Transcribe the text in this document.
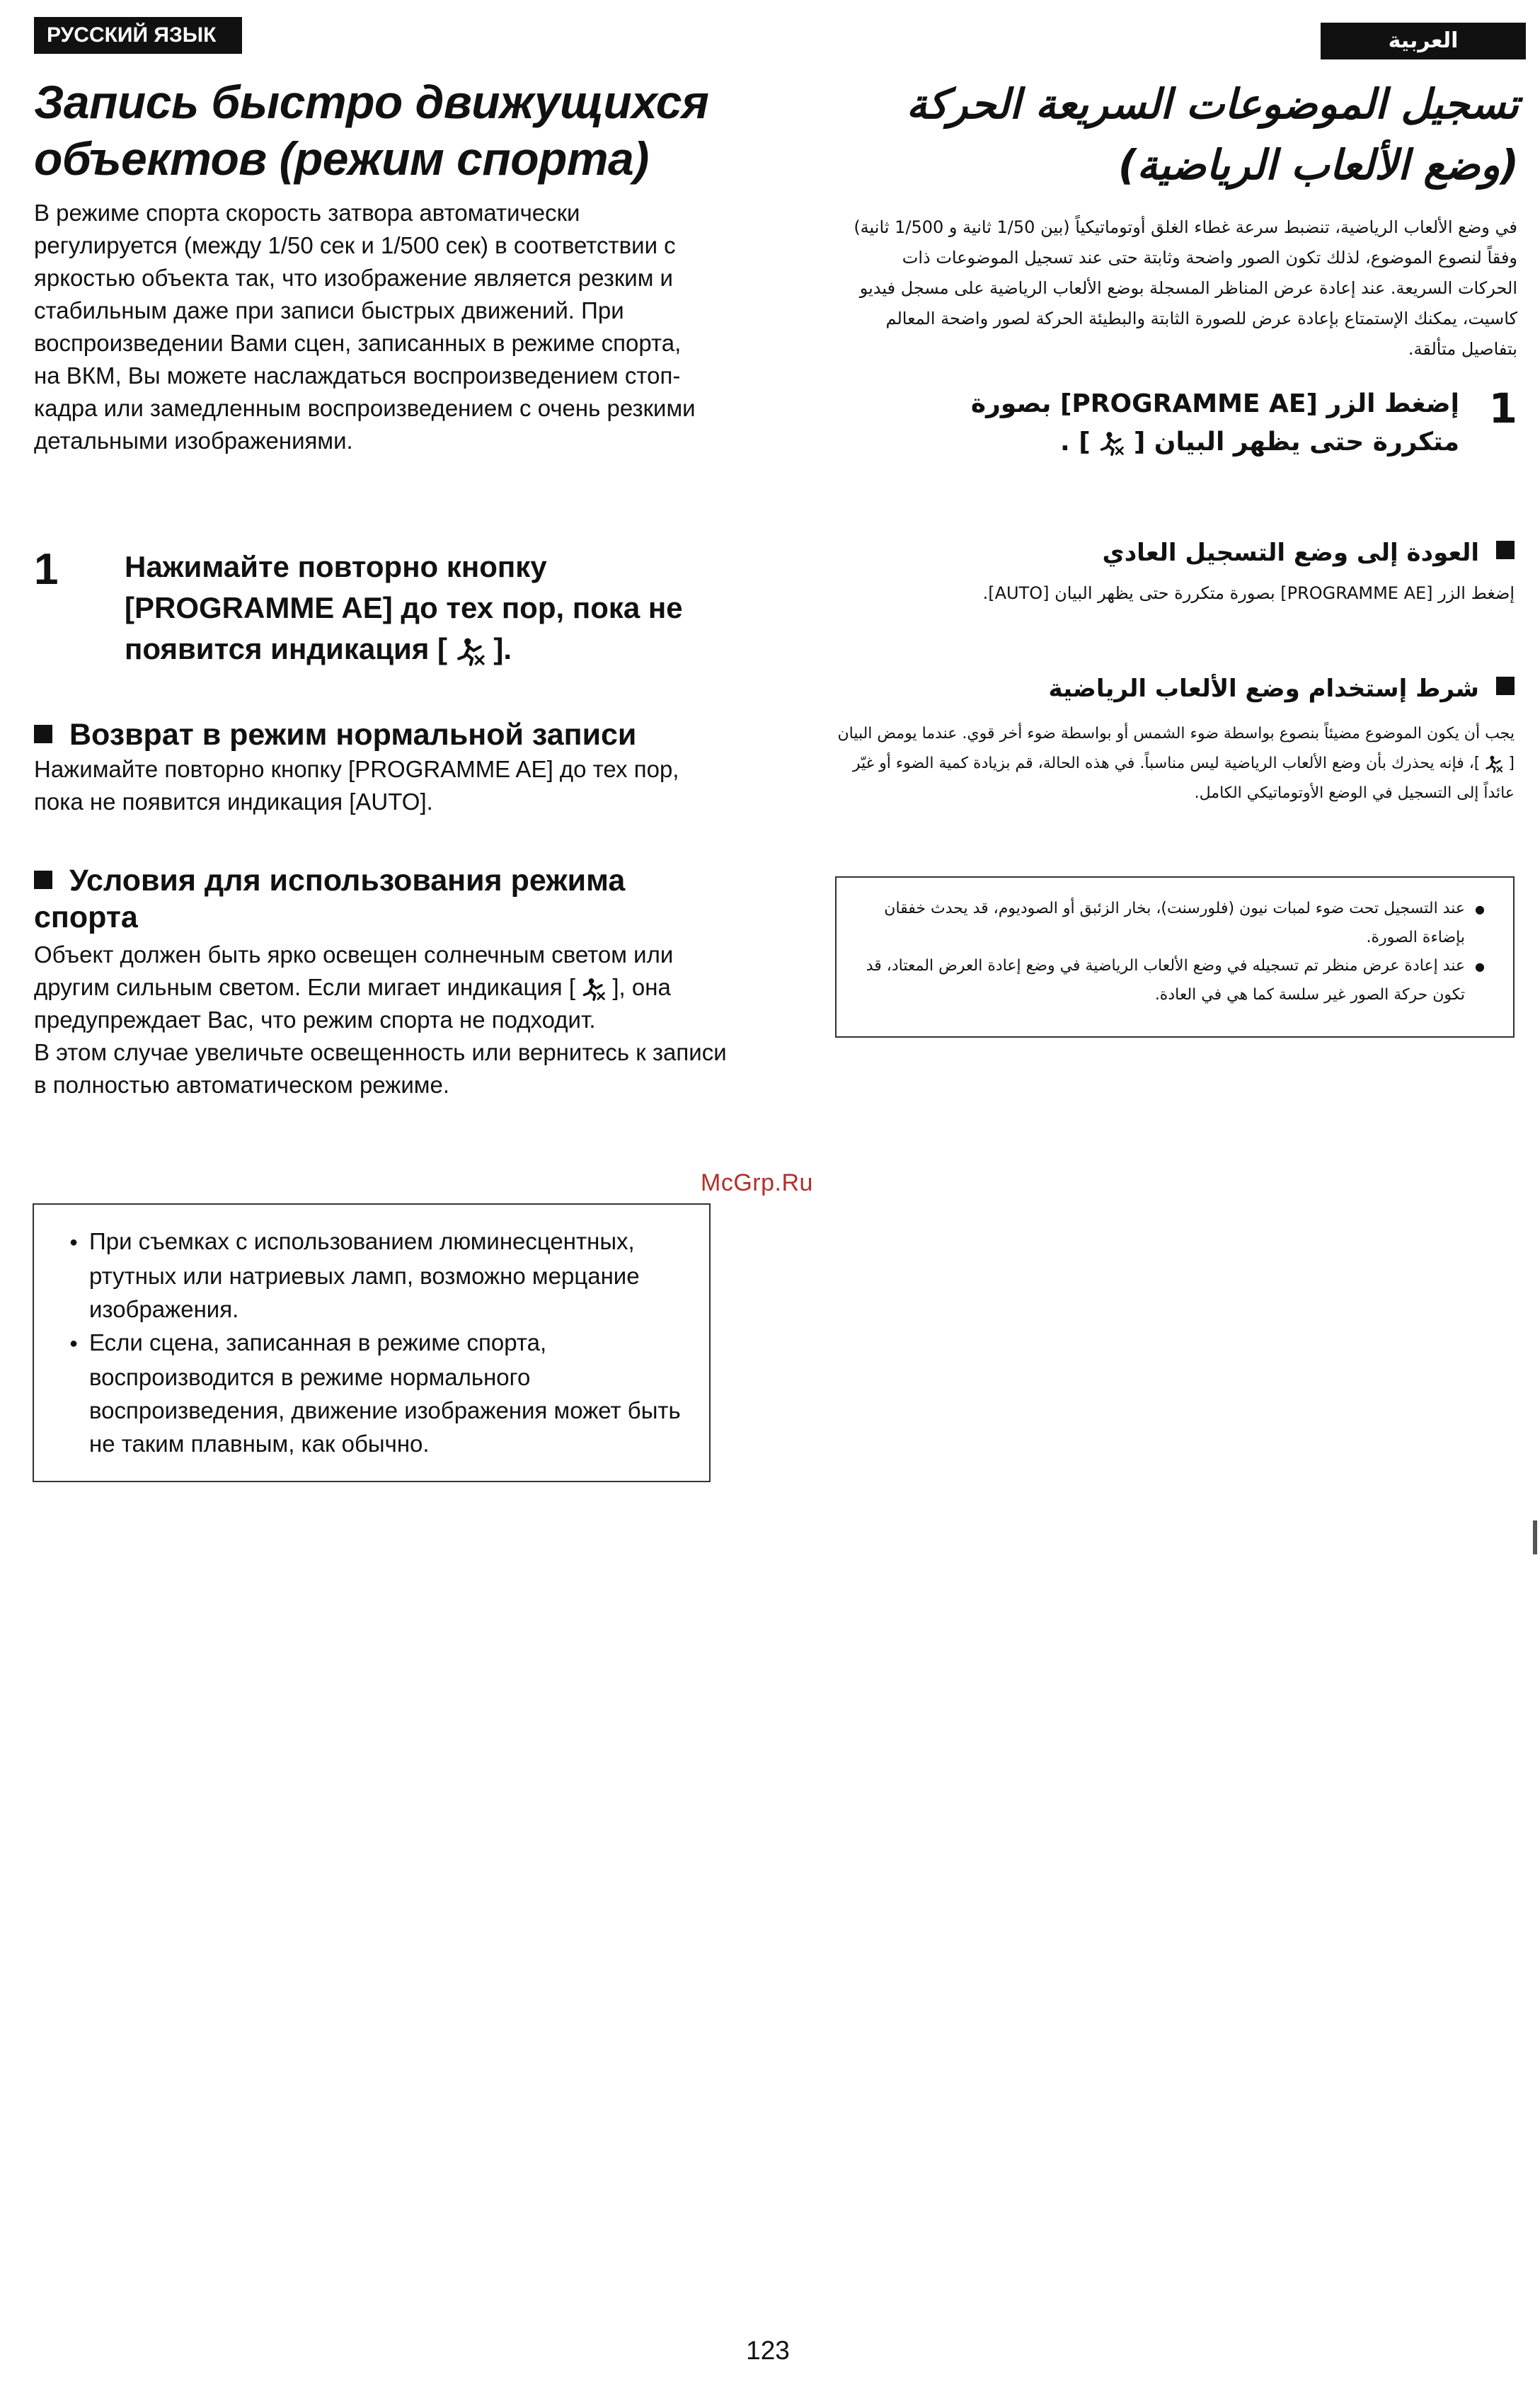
РУССКИЙ ЯЗЫК	العربية
Запись быстро движущихся
объектов (режим спорта)
В режиме спорта скорость затвора автоматически регулируется (между 1/50 сек и 1/500 сек) в соответствии с яркостью объекта так, что изображение является резким и стабильным даже при записи быстрых движений. При воспроизведении Вами сцен, записанных в режиме спорта, на ВКМ, Вы можете наслаждаться воспроизведением стоп-кадра или замедленным воспроизведением с очень резкими детальными изображениями.
1	Нажимайте повторно кнопку [PROGRAMME AE] до тех пор, пока не появится индикация [ ].
Возврат в режим нормальной записи
Нажимайте повторно кнопку [PROGRAMME AE] до тех пор, пока не появится индикация [AUTO].
Условия для использования режима спорта
Объект должен быть ярко освещен солнечным светом или другим сильным светом. Если мигает индикация [ ], она предупреждает Вас, что режим спорта не подходит.
В этом случае увеличьте освещенность или вернитесь к записи в полностью автоматическом режиме.
● При съемках с использованием люминесцентных, ртутных или натриевых ламп, возможно мерцание изображения.
● Если сцена, записанная в режиме спорта, воспроизводится в режиме нормального воспроизведения, движение изображения может быть не таким плавным, как обычно.
تسجيل الموضوعات السريعة الحركة
(وضع الألعاب الرياضية)
في وضع الألعاب الرياضية، تنضبط سرعة غطاء الغلق أوتوماتيكياً (بين 1/50 ثانية و 1/500 ثانية) وفقاً لنصوع الموضوع، لذلك تكون الصور واضحة وثابتة حتى عند تسجيل الموضوعات ذات الحركات السريعة. عند إعادة عرض المناظر المسجلة بوضع الألعاب الرياضية على مسجل فيديو كاسيت، يمكنك الإستمتاع بإعادة عرض للصورة الثابتة والبطيئة الحركة لصور واضحة المعالم بتفاصيل متألقة.
1
إضغط الزر [PROGRAMME AE] بصورة
متكررة حتى يظهر البيان [  ] .
العودة إلى وضع التسجيل العادي
إضغط الزر [PROGRAMME AE] بصورة متكررة حتى يظهر البيان [AUTO].
شرط إستخدام وضع الألعاب الرياضية
يجب أن يكون الموضوع مضيئاً بنصوع بواسطة ضوء الشمس أو بواسطة ضوء أخر قوي. عندما يومض البيان [  ]، فإنه يحذرك بأن وضع الألعاب الرياضية ليس مناسباً. في هذه الحالة، قم بزيادة كمية الضوء أو غيّر عائداً إلى التسجيل في الوضع الأوتوماتيكي الكامل.
● عند التسجيل تحت ضوء لمبات نيون (فلورسنت)، بخار الزئبق أو الصوديوم، قد يحدث خفقان بإضاءة الصورة.
● عند إعادة عرض منظر تم تسجيله في وضع الألعاب الرياضية في وضع إعادة العرض المعتاد، قد تكون حركة الصور غير سلسة كما هي في العادة.
McGrp.Ru
123
